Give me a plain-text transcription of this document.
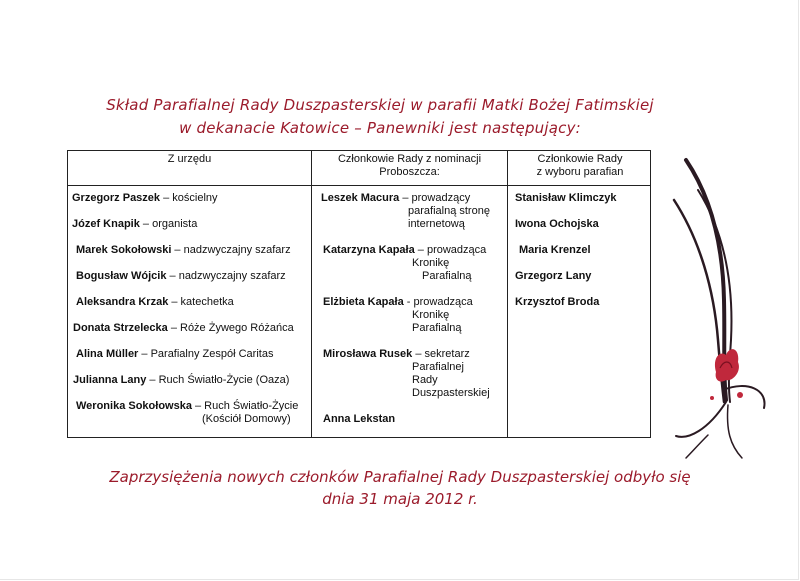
Skład Parafialnej Rady Duszpasterskiej w parafii Matki Bożej Fatimskiej
w dekanacie Katowice – Panewniki jest następujący:
Z urzędu	Członkowie Rady z nominacji
Proboszcza:
Członkowie Rady
z wyboru parafian
Grzegorz Paszek – kościelny
Józef Knapik – organista
Marek Sokołowski – nadzwyczajny szafarz
Bogusław Wójcik – nadzwyczajny szafarz
Aleksandra Krzak – katechetka
Donata Strzelecka – Róże Żywego Różańca
Alina Müller – Parafialny Zespół Caritas
Julianna Lany – Ruch Światło-Życie (Oaza)
Weronika Sokołowska – Ruch Światło-Życie
(Kościół Domowy)
Leszek Macura – prowadzący
parafialną stronę
internetową
Katarzyna Kapała – prowadząca
Kronikę
Parafialną
Elżbieta Kapała - prowadząca
Kronikę
Parafialną
Mirosława Rusek – sekretarz
Parafialnej
Rady
Duszpasterskiej
Anna Lekstan
Stanisław Klimczyk
Iwona Ochojska
Maria Krenzel
Grzegorz Lany
Krzysztof Broda
Zaprzysiężenia nowych członków Parafialnej Rady Duszpasterskiej odbyło się
dnia 31 maja 2012 r.
